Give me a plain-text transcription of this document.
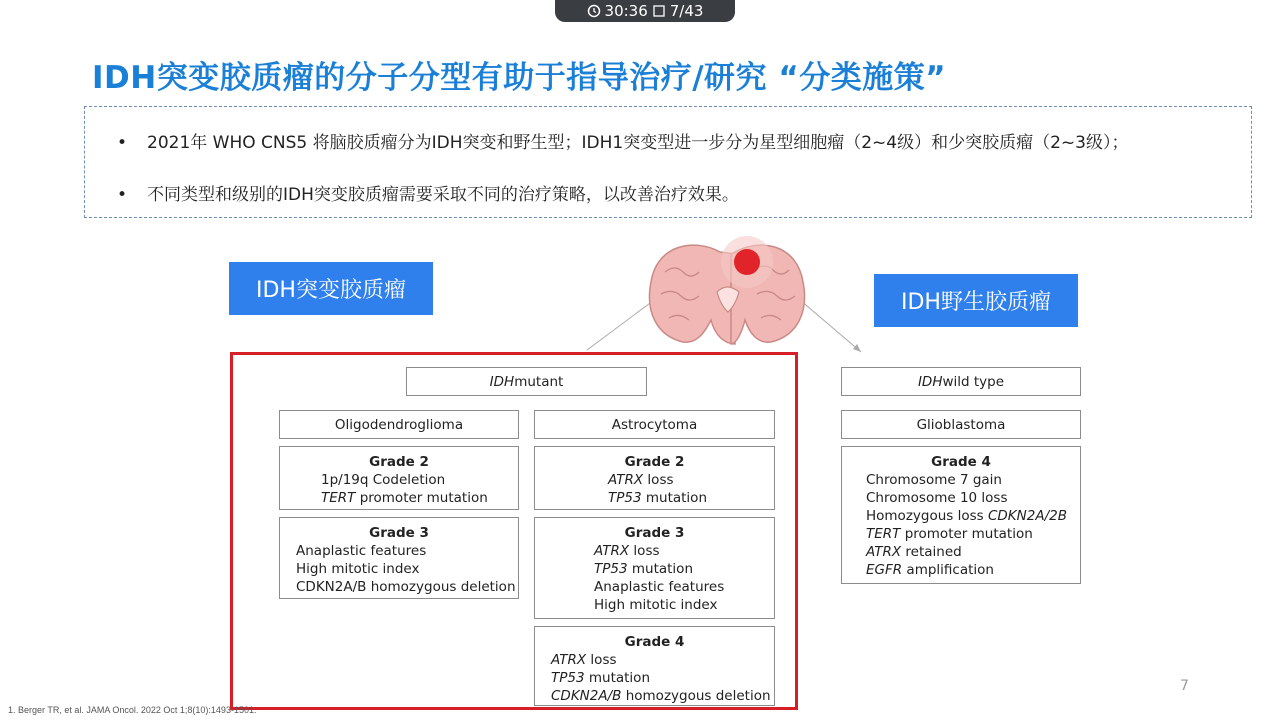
30:36 7/43
IDH突变胶质瘤的分子分型有助于指导治疗/研究 “分类施策”
• 2021年 WHO CNS5 将脑胶质瘤分为IDH突变和野生型；IDH1突变型进一步分为星型细胞瘤（2~4级）和少突胶质瘤（2~3级）；
• 不同类型和级别的IDH突变胶质瘤需要采取不同的治疗策略，以改善治疗效果。
IDH突变胶质瘤	IDH野生胶质瘤
IDH mutant
Oligodendroglioma
Grade 2
1p/19q Codeletion
TERT promoter mutation
Grade 3
Anaplastic features
High mitotic index
CDKN2A/B homozygous deletion
Astrocytoma
Grade 2
ATRX loss
TP53 mutation
Grade 3
ATRX loss
TP53 mutation
Anaplastic features
High mitotic index
Grade 4
ATRX loss
TP53 mutation
CDKN2A/B homozygous deletion
IDH wild type
Glioblastoma
Grade 4
Chromosome 7 gain
Chromosome 10 loss
Homozygous loss CDKN2A/2B
TERT promoter mutation
ATRX retained
EGFR amplification
1. Berger TR, et al. JAMA Oncol. 2022 Oct 1;8(10):1493-1501.
7
